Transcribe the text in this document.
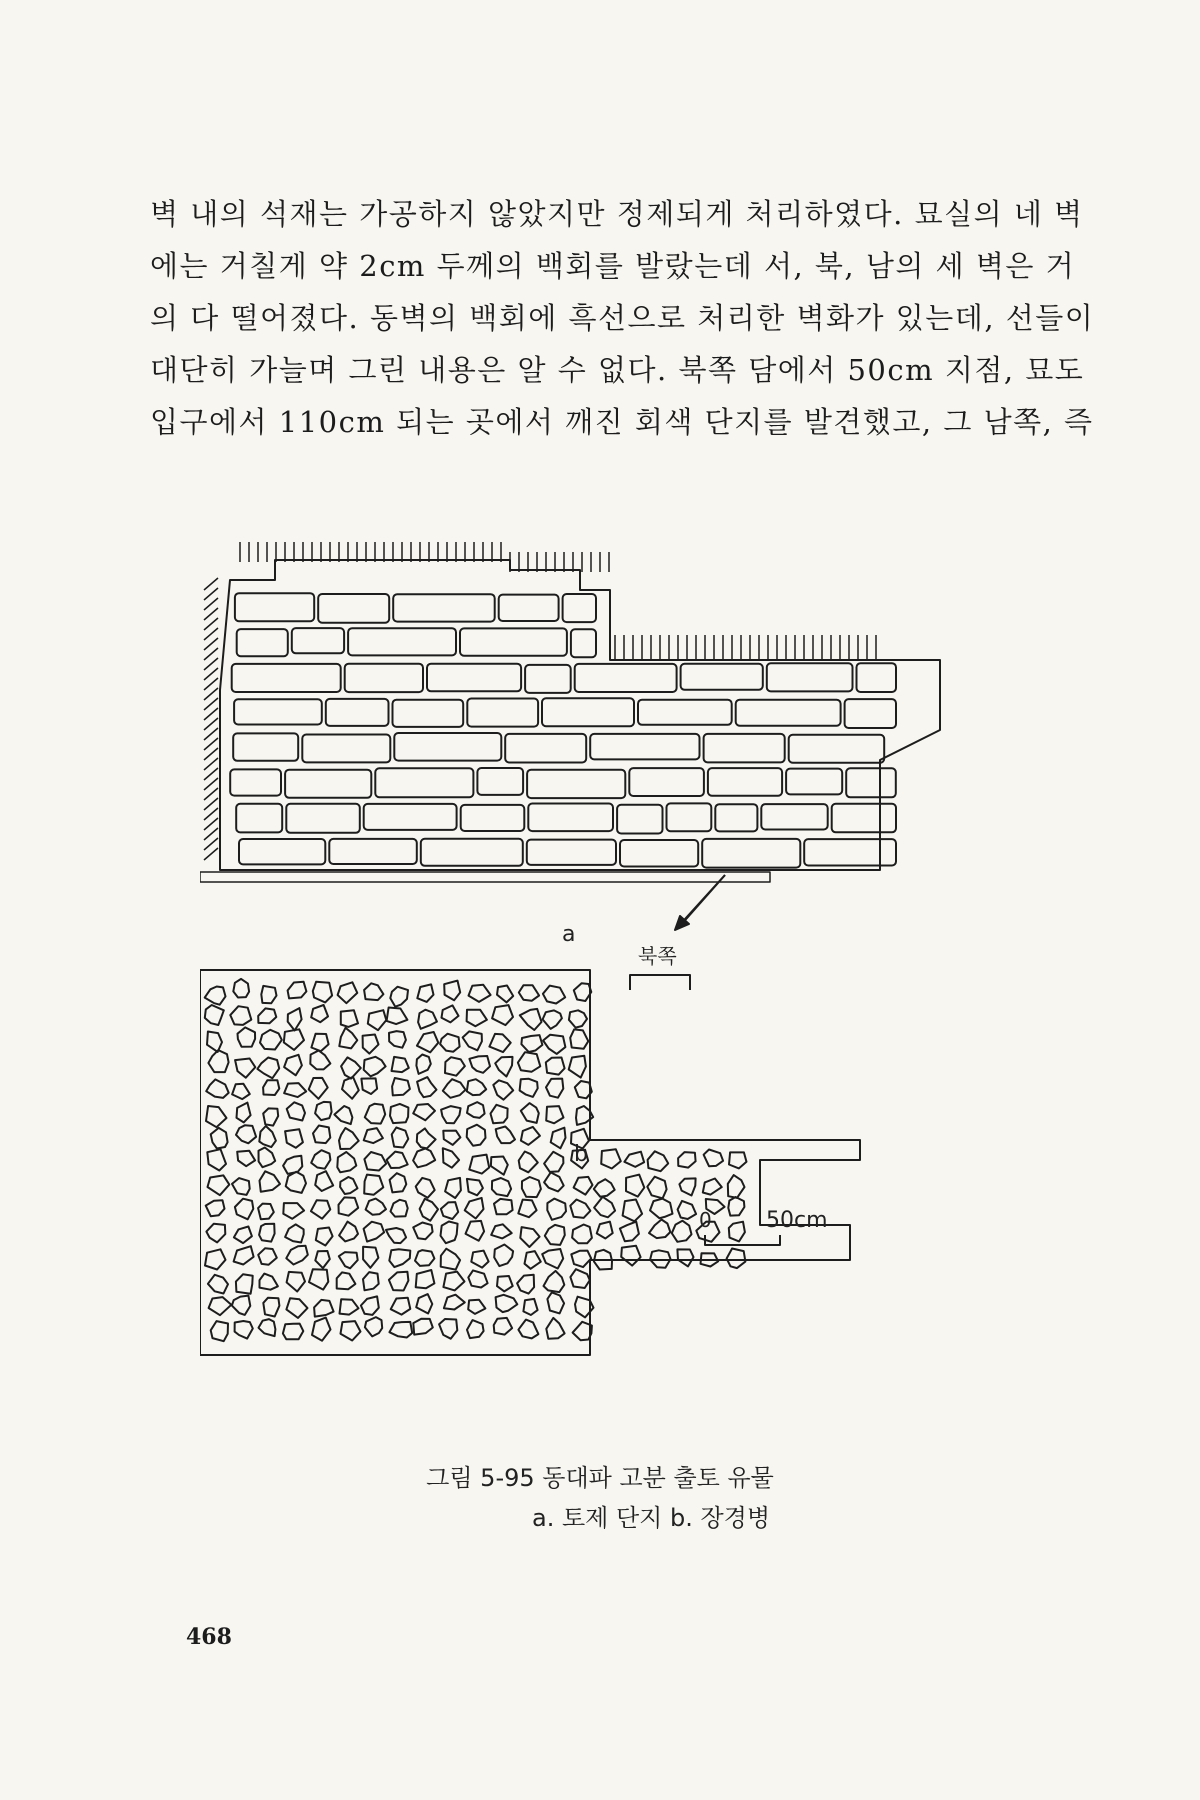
벽 내의 석재는 가공하지 않았지만 정제되게 처리하였다. 묘실의 네 벽
에는 거칠게 약 2cm 두께의 백회를 발랐는데 서, 북, 남의 세 벽은 거
의 다 떨어졌다. 동벽의 백회에 흑선으로 처리한 벽화가 있는데, 선들이
대단히 가늘며 그린 내용은 알 수 없다. 북쪽 담에서 50cm 지점, 묘도
입구에서 110cm 되는 곳에서 깨진 회색 단지를 발견했고, 그 남쪽, 즉
a
b
북쪽
0 50cm
그림 5-95 동대파 고분 출토 유물
a. 토제 단지 b. 장경병
468
